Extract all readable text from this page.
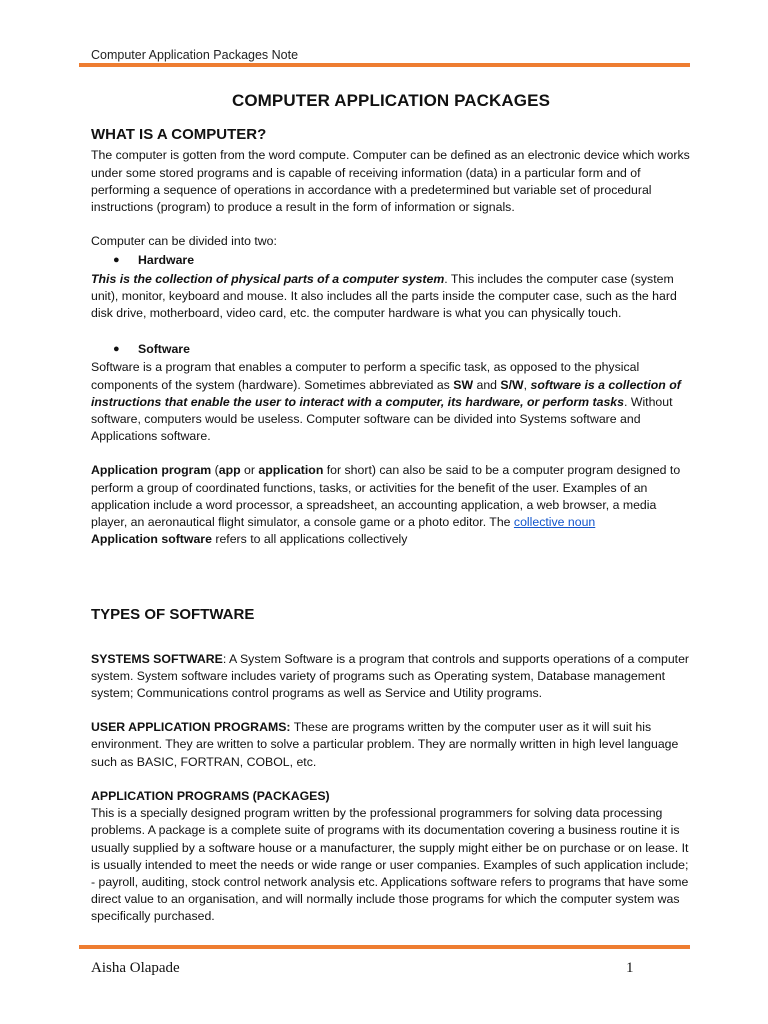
Computer Application Packages Note
COMPUTER APPLICATION PACKAGES
WHAT IS A COMPUTER?

The computer is gotten from the word compute. Computer can be defined as an electronic device which works under some stored programs and is capable of receiving information (data) in a particular form and of performing a sequence of operations in accordance with a predetermined but variable set of procedural instructions (program) to produce a result in the form of information or signals.

Computer can be divided into two:

●	Hardware

This is the collection of physical parts of a computer system. This includes the computer case (system unit), monitor, keyboard and mouse. It also includes all the parts inside the computer case, such as the hard disk drive, motherboard, video card, etc. the computer hardware is what you can physically touch.

●	Software

Software is a program that enables a computer to perform a specific task, as opposed to the physical components of the system (hardware). Sometimes abbreviated as SW and S/W, software is a collection of instructions that enable the user to interact with a computer, its hardware, or perform tasks. Without software, computers would be useless. Computer software can be divided into Systems software and Applications software.

Application program (app or application for short) can also be said to be a computer program designed to perform a group of coordinated functions, tasks, or activities for the benefit of the user. Examples of an application include a word processor, a spreadsheet, an accounting application, a web browser, a media player, an aeronautical flight simulator, a console game or a photo editor. The collective noun
Application software refers to all applications collectively

TYPES OF SOFTWARE

SYSTEMS SOFTWARE: A System Software is a program that controls and supports operations of a computer system. System software includes variety of programs such as Operating system, Database management system; Communications control programs as well as Service and Utility programs.

USER APPLICATION PROGRAMS: These are programs written by the computer user as it will suit his environment. They are written to solve a particular problem. They are normally written in high level language such as BASIC, FORTRAN, COBOL, etc.

APPLICATION PROGRAMS (PACKAGES)

This is a specially designed program written by the professional programmers for solving data processing problems. A package is a complete suite of programs with its documentation covering a business routine it is usually supplied by a software house or a manufacturer, the supply might either be on purchase or on lease. It is usually intended to meet the needs or wide range or user companies. Examples of such application include; - payroll, auditing, stock control network analysis etc. Applications software refers to programs that have some direct value to an organisation, and will normally include those programs for which the computer system was specifically purchased.

Aisha Olapade	1
